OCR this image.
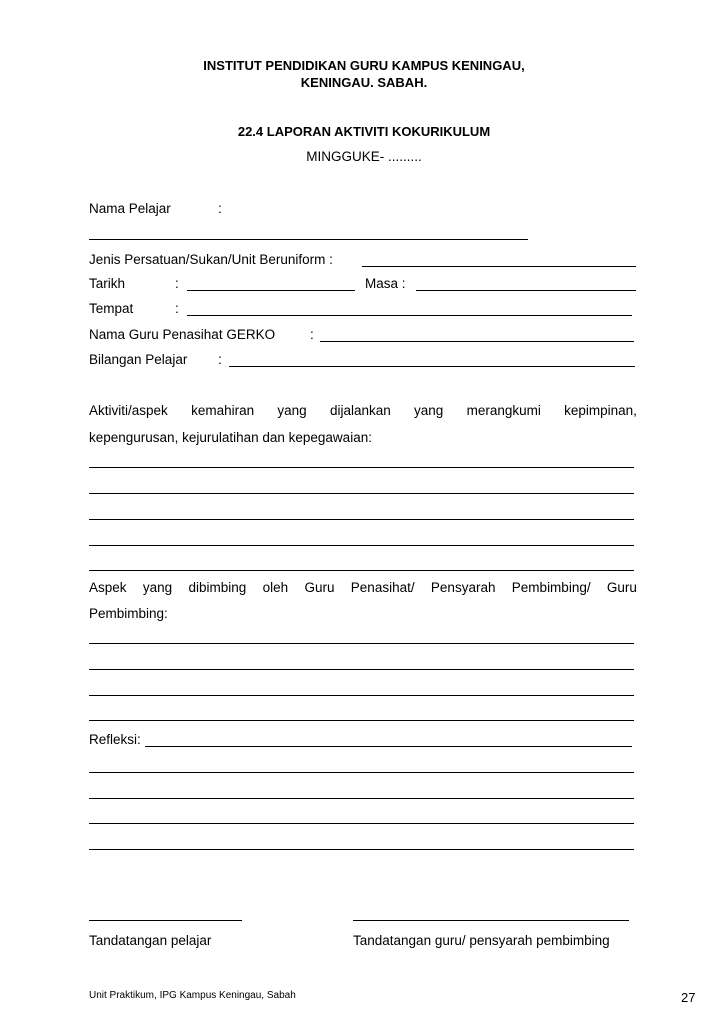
INSTITUT PENDIDIKAN GURU KAMPUS KENINGAU,
KENINGAU. SABAH.
22.4 LAPORAN AKTIVITI KOKURIKULUM
MINGGUKE- .........
Nama Pelajar	:
Jenis Persatuan/Sukan/Unit Beruniform :
Tarikh	:	Masa :
Tempat	:
Nama Guru Penasihat GERKO	:
Bilangan Pelajar :
Aktiviti/aspek kemahiran yang dijalankan yang merangkumi kepimpinan,
kepengurusan, kejurulatihan dan kepegawaian:
Aspek yang dibimbing oleh Guru Penasihat/ Pensyarah Pembimbing/ Guru
Pembimbing:
Refleksi:
Tandatangan pelajar	Tandatangan guru/ pensyarah pembimbing
Unit Praktikum, IPG Kampus Keningau, Sabah	27
